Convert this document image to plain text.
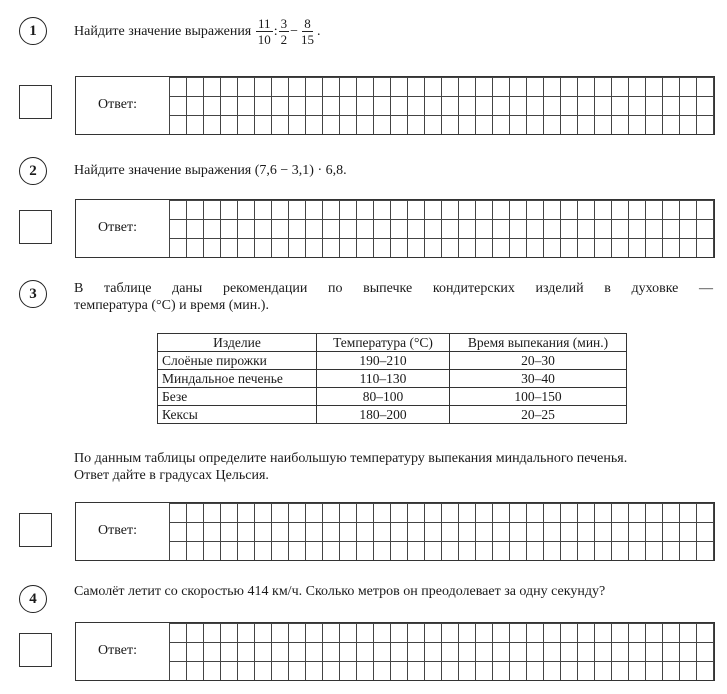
1	Найдите значение выражения $\frac{11}{10}$ : $\frac{3}{2} - \frac{8}{15}$ .
Ответ:
2	Найдите значение выражения (7,6 − 3,1) · 6,8.
Ответ:
3	В таблице даны рекомендации по выпечке кондитерских изделий в духовке —
температура (°С) и время (мин.).
Изделие	Температура (°С)	Время выпекания (мин.)
Слоёные пирожки	190–210	20–30
Миндальное печенье	110–130	30–40
Безе	80–100	100–150
Кексы	180–200	20–25
По данным таблицы определите наибольшую температуру выпекания миндального печенья.
Ответ дайте в градусах Цельсия.
Ответ:
4	Самолёт летит со скоростью 414 км/ч. Сколько метров он преодолевает за одну секунду?
Ответ:
